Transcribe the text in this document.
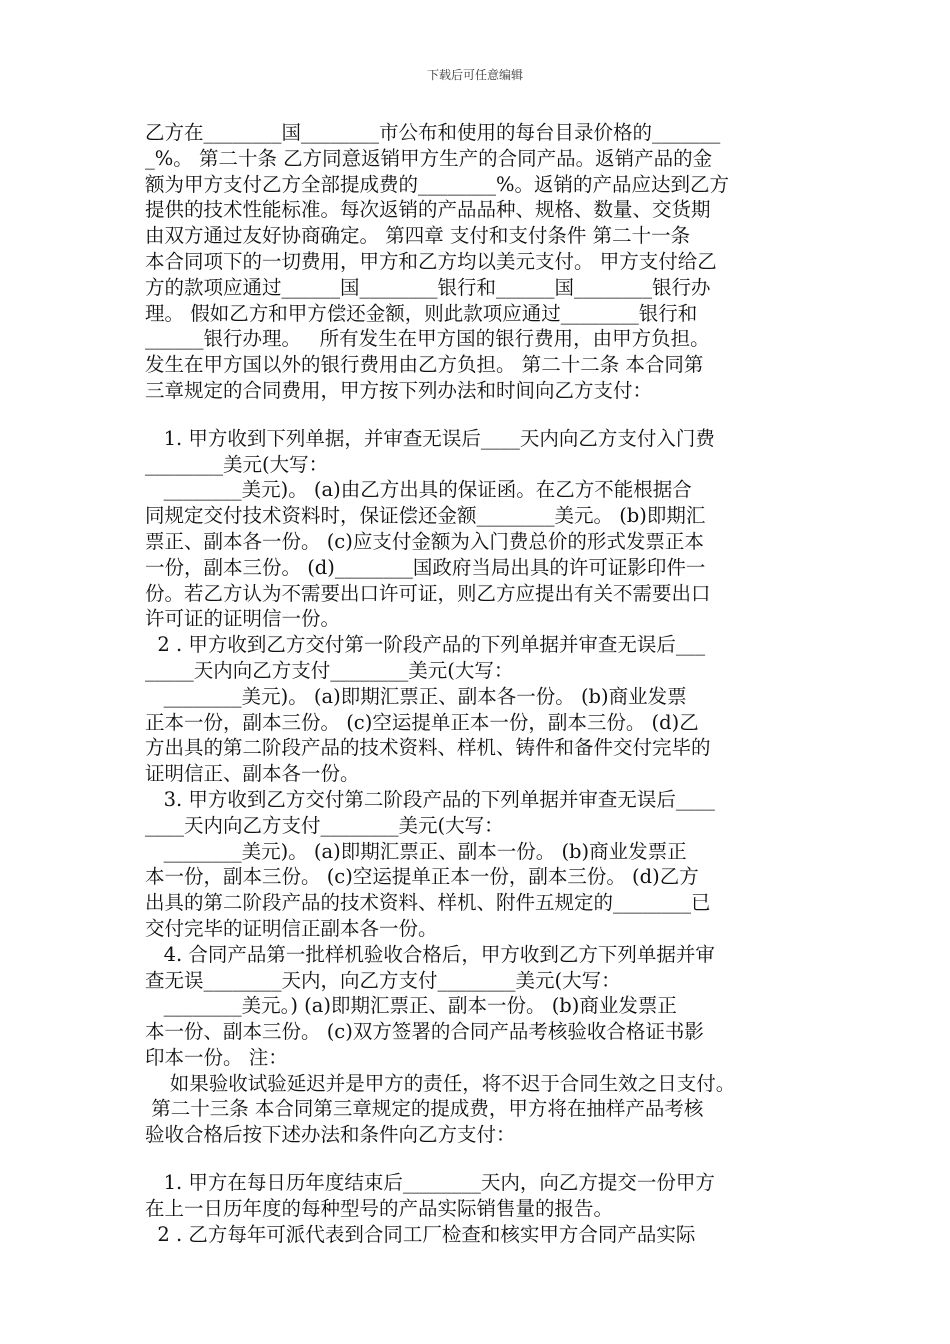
下载后可任意编辑
乙方在________国________市公布和使用的每台目录价格的_______
_%。 第二十条 乙方同意返销甲方生产的合同产品。返销产品的金
额为甲方支付乙方全部提成费的________%。返销的产品应达到乙方
提供的技术性能标准。每次返销的产品品种、规格、数量、交货期
由双方通过友好协商确定。 第四章 支付和支付条件 第二十一条
本合同项下的一切费用，甲方和乙方均以美元支付。 甲方支付给乙
方的款项应通过______国________银行和______国________银行办
理。 假如乙方和甲方偿还金额，则此款项应通过________银行和
______银行办理。   所有发生在甲方国的银行费用，由甲方负担。
发生在甲方国以外的银行费用由乙方负担。 第二十二条 本合同第
三章规定的合同费用，甲方按下列办法和时间向乙方支付：
1. 甲方收到下列单据，并审查无误后____天内向乙方支付入门费
________美元(大写：
________美元)。 (a)由乙方出具的保证函。在乙方不能根据合
同规定交付技术资料时，保证偿还金额________美元。 (b)即期汇
票正、副本各一份。 (c)应支付金额为入门费总价的形式发票正本
一份，副本三份。 (d)________国政府当局出具的许可证影印件一
份。若乙方认为不需要出口许可证，则乙方应提出有关不需要出口
许可证的证明信一份。
2 . 甲方收到乙方交付第一阶段产品的下列单据并审查无误后___
_____天内向乙方支付________美元(大写：
________美元)。 (a)即期汇票正、副本各一份。 (b)商业发票
正本一份，副本三份。 (c)空运提单正本一份，副本三份。 (d)乙
方出具的第二阶段产品的技术资料、样机、铸件和备件交付完毕的
证明信正、副本各一份。
3. 甲方收到乙方交付第二阶段产品的下列单据并审查无误后____
____天内向乙方支付________美元(大写：
________美元)。 (a)即期汇票正、副本一份。 (b)商业发票正
本一份，副本三份。 (c)空运提单正本一份，副本三份。 (d)乙方
出具的第二阶段产品的技术资料、样机、附件五规定的________已
交付完毕的证明信正副本各一份。
4. 合同产品第一批样机验收合格后，甲方收到乙方下列单据并审
查无误________天内，向乙方支付________美元(大写：
________美元。) (a)即期汇票正、副本一份。 (b)商业发票正
本一份、副本三份。 (c)双方签署的合同产品考核验收合格证书影
印本一份。 注：
如果验收试验延迟并是甲方的责任，将不迟于合同生效之日支付。
第二十三条 本合同第三章规定的提成费，甲方将在抽样产品考核
验收合格后按下述办法和条件向乙方支付：
1. 甲方在每日历年度结束后________天内，向乙方提交一份甲方
在上一日历年度的每种型号的产品实际销售量的报告。
2 . 乙方每年可派代表到合同工厂检查和核实甲方合同产品实际
